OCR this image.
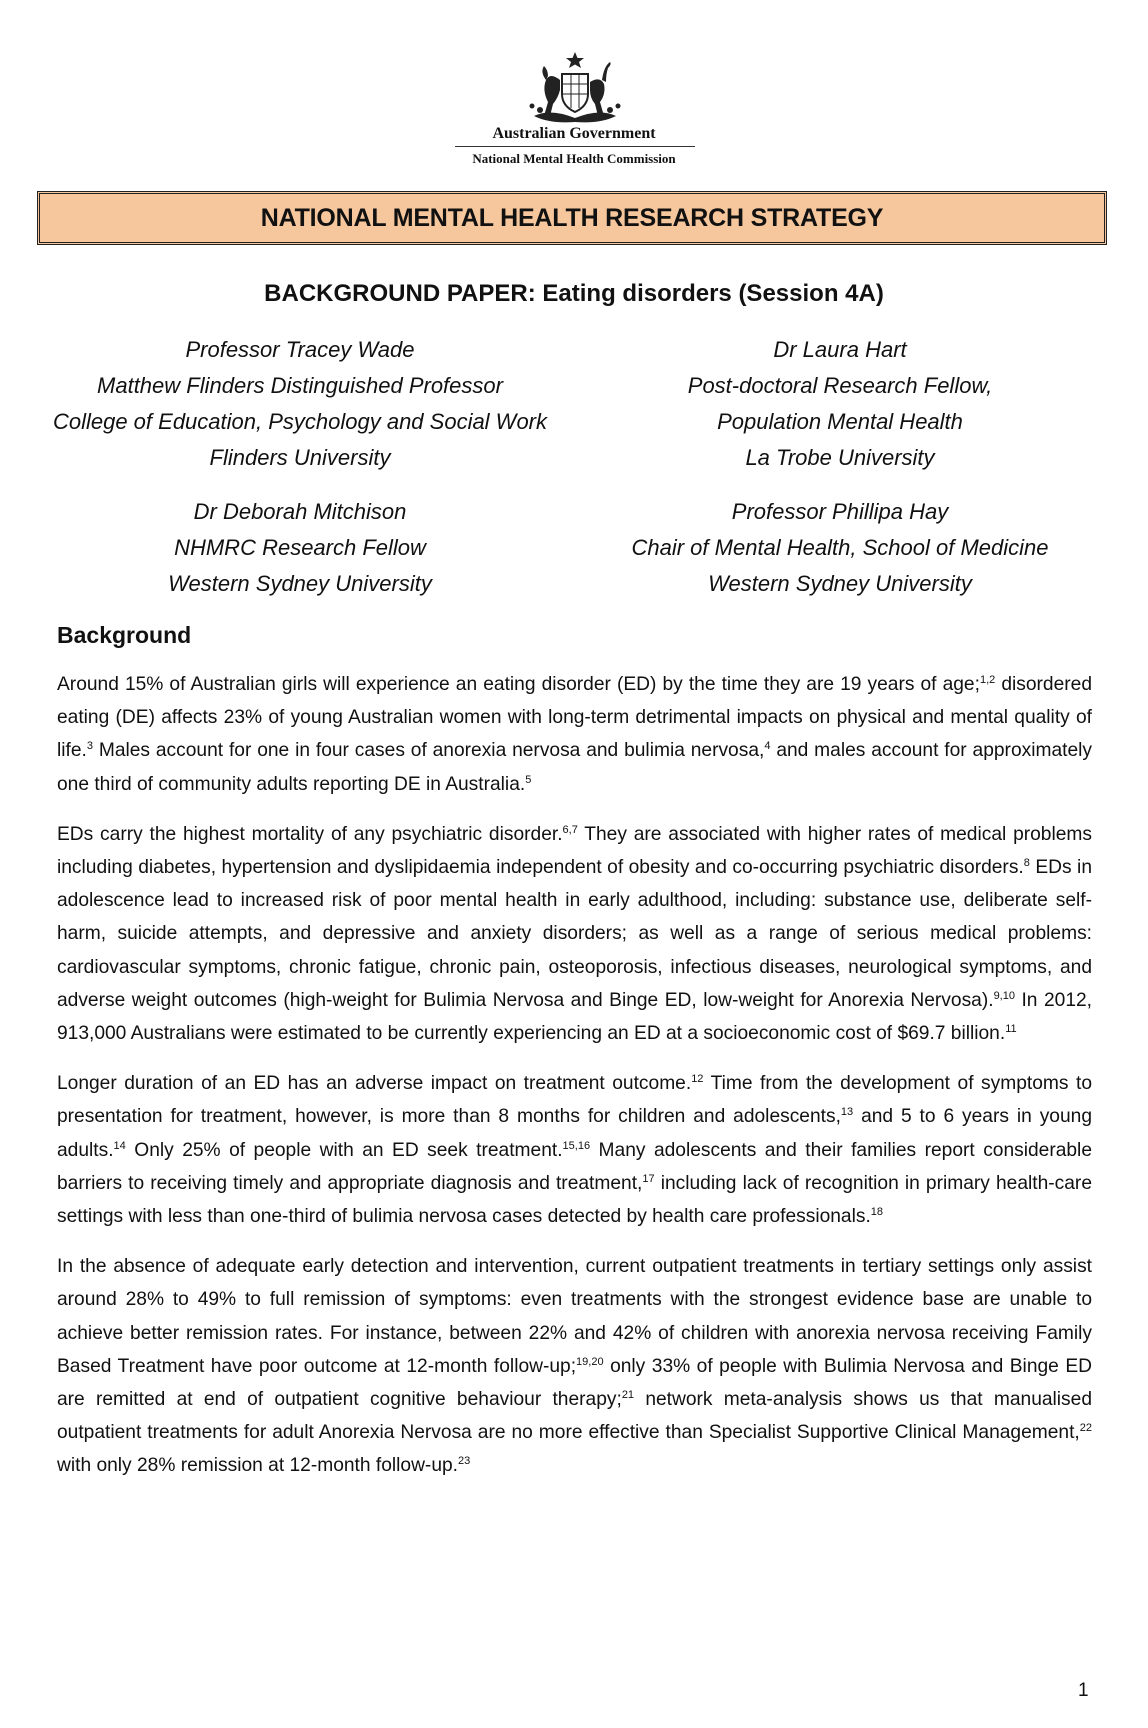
Australian Government
National Mental Health Commission
NATIONAL MENTAL HEALTH RESEARCH STRATEGY
BACKGROUND PAPER: Eating disorders (Session 4A)
Professor Tracey Wade
Matthew Flinders Distinguished Professor
College of Education, Psychology and Social Work
Flinders University
Dr Laura Hart
Post-doctoral Research Fellow,
Population Mental Health
La Trobe University
Dr Deborah Mitchison
NHMRC Research Fellow
Western Sydney University
Professor Phillipa Hay
Chair of Mental Health, School of Medicine
Western Sydney University
Background

Around 15% of Australian girls will experience an eating disorder (ED) by the time they are 19 years of age;$^{1,2}$ disordered eating (DE) affects 23% of young Australian women with long-term detrimental impacts on physical and mental quality of life.$^3$ Males account for one in four cases of anorexia nervosa and bulimia nervosa,$^4$ and males account for approximately one third of community adults reporting DE in Australia.$^5$

EDs carry the highest mortality of any psychiatric disorder.$^{6,7}$ They are associated with higher rates of medical problems including diabetes, hypertension and dyslipidaemia independent of obesity and co-occurring psychiatric disorders.$^8$ EDs in adolescence lead to increased risk of poor mental health in early adulthood, including: substance use, deliberate self-harm, suicide attempts, and depressive and anxiety disorders; as well as a range of serious medical problems: cardiovascular symptoms, chronic fatigue, chronic pain, osteoporosis, infectious diseases, neurological symptoms, and adverse weight outcomes (high-weight for Bulimia Nervosa and Binge ED, low-weight for Anorexia Nervosa).$^{9,10}$ In 2012, 913,000 Australians were estimated to be currently experiencing an ED at a socioeconomic cost of $69.7 billion.$^{11}$

Longer duration of an ED has an adverse impact on treatment outcome.$^{12}$ Time from the development of symptoms to presentation for treatment, however, is more than 8 months for children and adolescents,$^{13}$ and 5 to 6 years in young adults.$^{14}$ Only 25% of people with an ED seek treatment.$^{15,16}$ Many adolescents and their families report considerable barriers to receiving timely and appropriate diagnosis and treatment,$^{17}$ including lack of recognition in primary health-care settings with less than one-third of bulimia nervosa cases detected by health care professionals.$^{18}$

In the absence of adequate early detection and intervention, current outpatient treatments in tertiary settings only assist around 28% to 49% to full remission of symptoms: even treatments with the strongest evidence base are unable to achieve better remission rates. For instance, between 22% and 42% of children with anorexia nervosa receiving Family Based Treatment have poor outcome at 12-month follow-up;$^{19,20}$ only 33% of people with Bulimia Nervosa and Binge ED are remitted at end of outpatient cognitive behaviour therapy;$^{21}$ network meta-analysis shows us that manualised outpatient treatments for adult Anorexia Nervosa are no more effective than Specialist Supportive Clinical Management,$^{22}$ with only 28% remission at 12-month follow-up.$^{23}$

1
